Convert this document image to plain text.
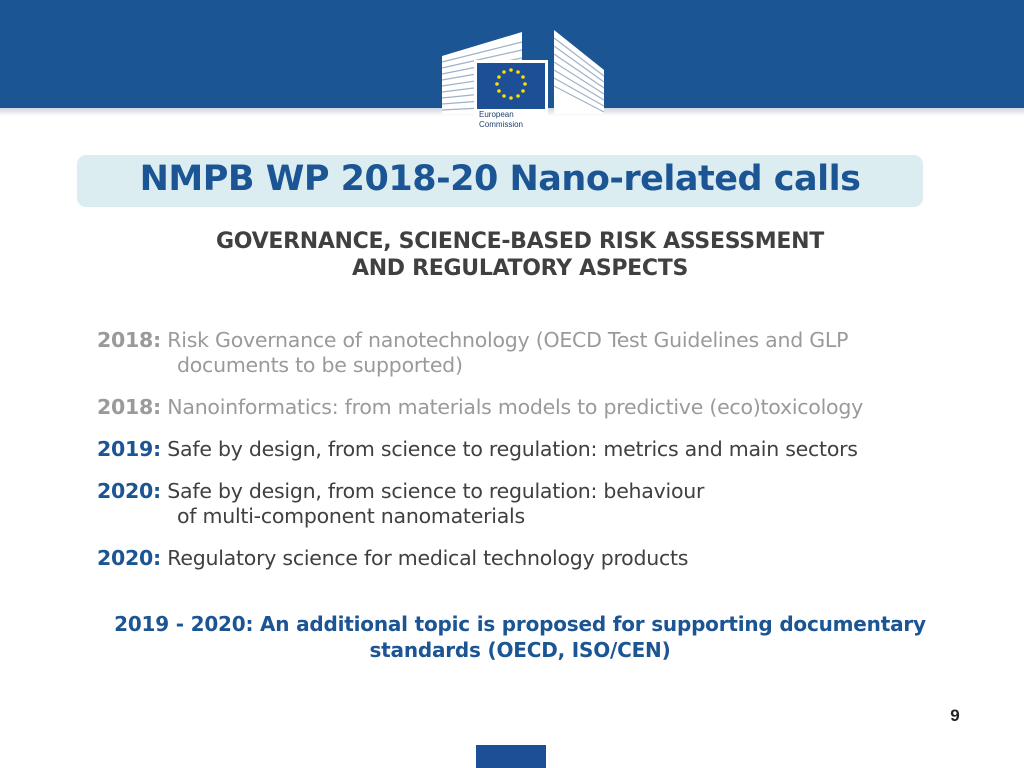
European
Commission
NMPB WP 2018-20 Nano-related calls
GOVERNANCE, SCIENCE-BASED RISK ASSESSMENT
AND REGULATORY ASPECTS
2018: Risk Governance of nanotechnology (OECD Test Guidelines and GLP
documents to be supported)
2018: Nanoinformatics: from materials models to predictive (eco)toxicology
2019: Safe by design, from science to regulation: metrics and main sectors
2020: Safe by design, from science to regulation: behaviour
of multi-component nanomaterials
2020: Regulatory science for medical technology products
2019 - 2020: An additional topic is proposed for supporting documentary
standards (OECD, ISO/CEN)
9
